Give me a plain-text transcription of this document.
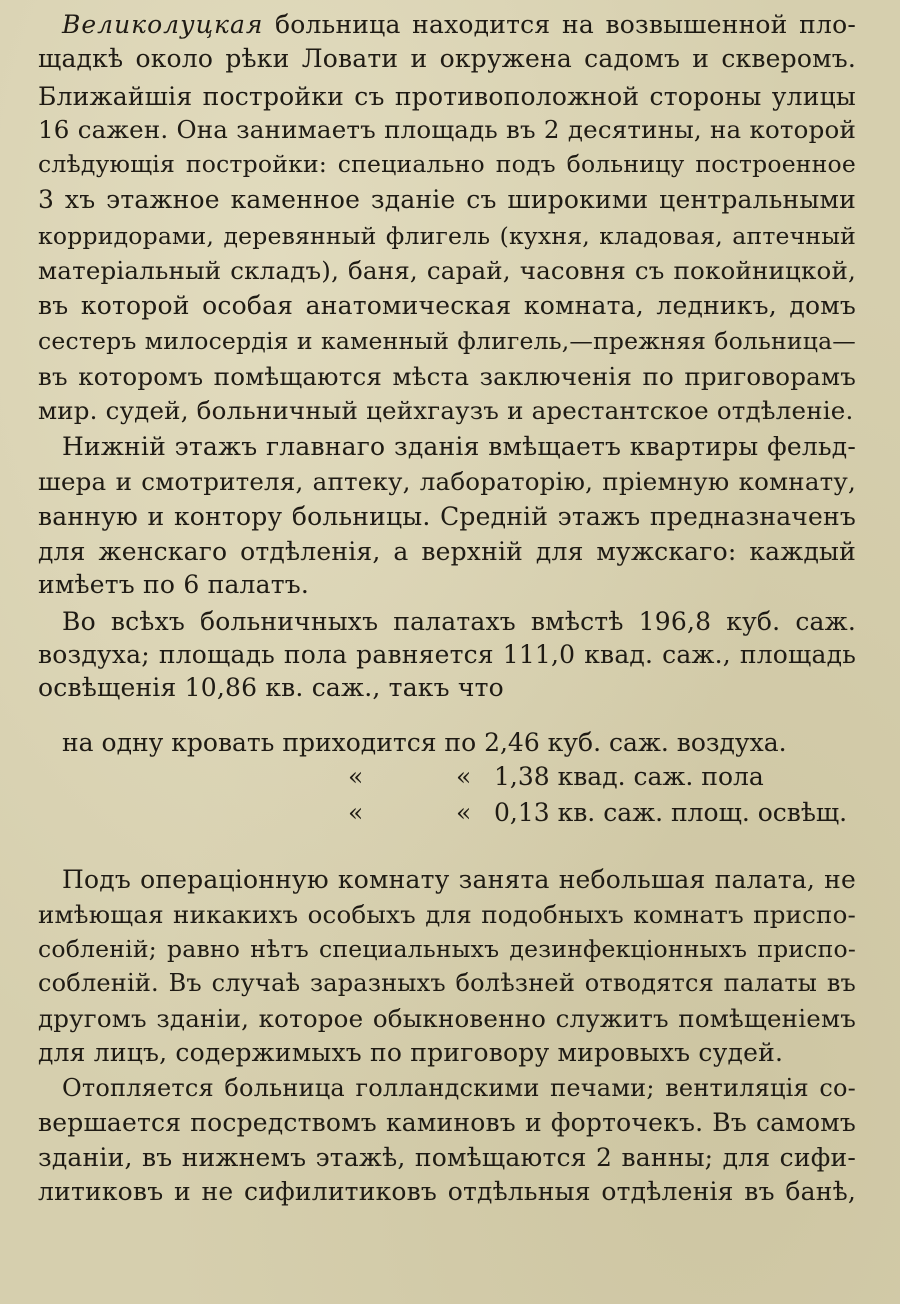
Великолуцкая больница находится на возвышенной пло-
щадкѣ около рѣки Ловати и окружена садомъ и скверомъ.
Ближайшія постройки съ противоположной стороны улицы
16 сажен. Она занимаетъ площадь въ 2 десятины, на которой
слѣдующія постройки: специально подъ больницу построенное
3 хъ этажное каменное зданіе съ широкими центральными
корридорами, деревянный флигель (кухня, кладовая, аптечный
матеріальный складъ), баня, сарай, часовня съ покойницкой,
въ которой особая анатомическая комната, ледникъ, домъ
сестеръ милосердія и каменный флигель,—прежняя больница—
въ которомъ помѣщаются мѣста заключенія по приговорамъ
мир. судей, больничный цейхгаузъ и арестантское отдѣленіе.
Нижній этажъ главнаго зданія вмѣщаетъ квартиры фельд-
шера и смотрителя, аптеку, лабораторію, пріемную комнату,
ванную и контору больницы. Средній этажъ предназначенъ
для женскаго отдѣленія, а верхній для мужскаго: каждый
имѣетъ по 6 палатъ.
Во всѣхъ больничныхъ палатахъ вмѣстѣ 196,8 куб. саж.
воздуха; площадь пола равняется 111,0 квад. саж., площадь
освѣщенія 10,86 кв. саж., такъ что
на одну кровать приходится по 2,46 куб. саж. воздуха.
«	« 1,38 квад. саж. пола
«	« 0,13 кв. саж. площ. освѣщ.
Подъ операціонную комнату занята небольшая палата, не
имѣющая никакихъ особыхъ для подобныхъ комнатъ приспо-
собленій; равно нѣтъ специальныхъ дезинфекціонныхъ приспо-
собленій. Въ случаѣ заразныхъ болѣзней отводятся палаты въ
другомъ зданіи, которое обыкновенно служитъ помѣщеніемъ
для лицъ, содержимыхъ по приговору мировыхъ судей.
Отопляется больница голландскими печами; вентиляція со-
вершается посредствомъ каминовъ и форточекъ. Въ самомъ
зданіи, въ нижнемъ этажѣ, помѣщаются 2 ванны; для сифи-
литиковъ и не сифилитиковъ отдѣльныя отдѣленія въ банѣ,
